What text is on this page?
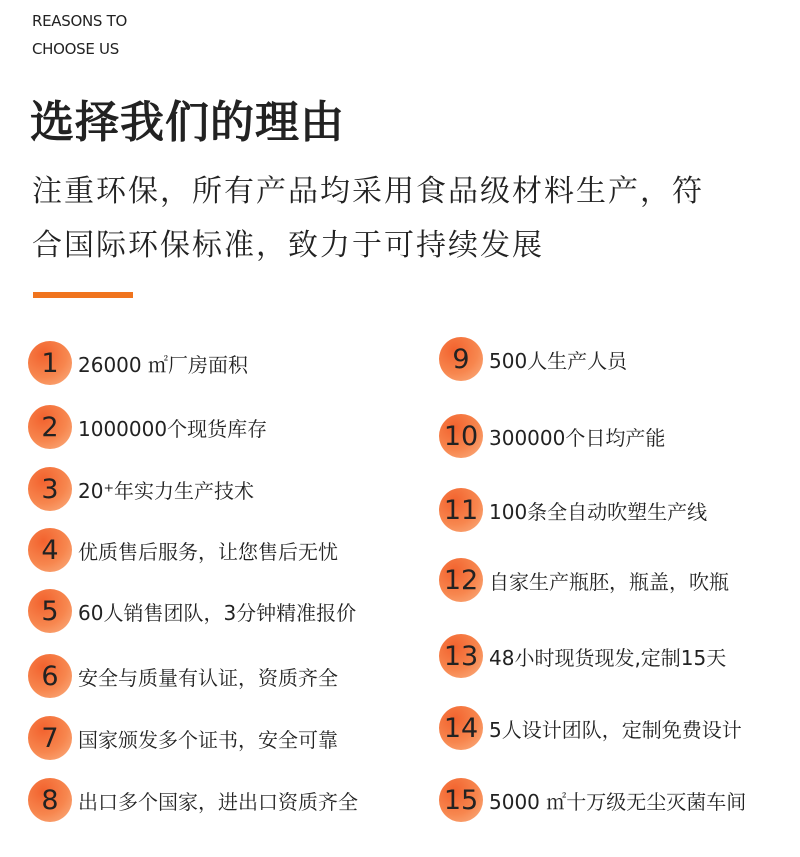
REASONS TO
CHOOSE US
选择我们的理由
注重环保，所有产品均采用食品级材料生产，符
合国际环保标准，致力于可持续发展
1 26000 ㎡厂房面积
2 1000000个现货库存
3 20⁺年实力生产技术
4 优质售后服务，让您售后无忧
5 60人销售团队，3分钟精准报价
6 安全与质量有认证，资质齐全
7 国家颁发多个证书，安全可靠
8 出口多个国家，进出口资质齐全
9 500人生产人员
10 300000个日均产能
11 100条全自动吹塑生产线
12 自家生产瓶胚，瓶盖，吹瓶
13 48小时现货现发,定制15天
14 5人设计团队，定制免费设计
15 5000 ㎡十万级无尘灭菌车间
